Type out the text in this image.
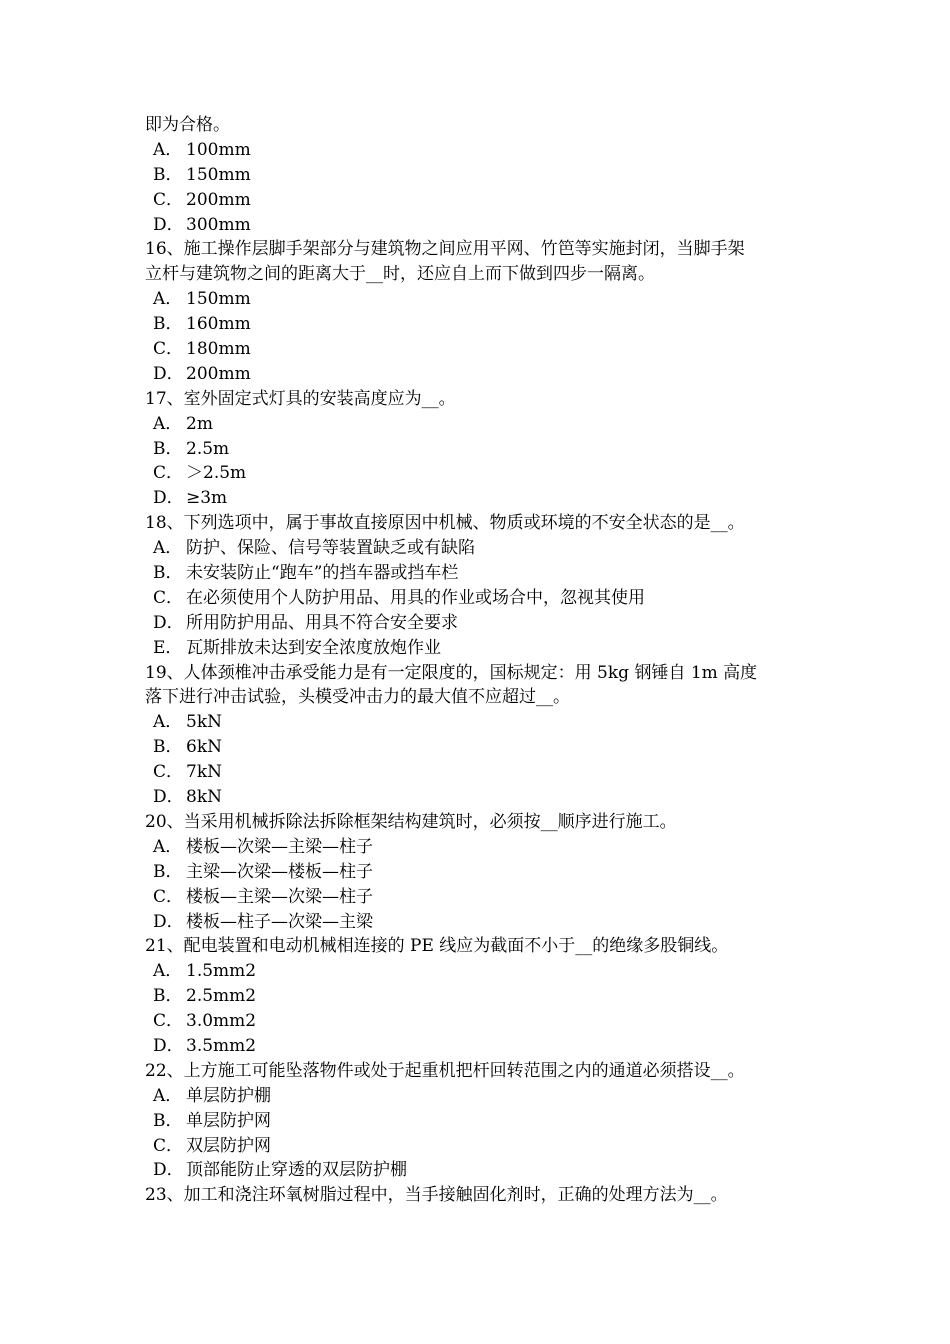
即为合格。
A． 100mm
B． 150mm
C． 200mm
D． 300mm
16、施工操作层脚手架部分与建筑物之间应用平网、竹笆等实施封闭，当脚手架
立杆与建筑物之间的距离大于__时，还应自上而下做到四步一隔离。
A． 150mm
B． 160mm
C． 180mm
D． 200mm
17、室外固定式灯具的安装高度应为__。
A． 2m
B． 2.5m
C． ＞2.5m
D． ≥3m
18、下列选项中，属于事故直接原因中机械、物质或环境的不安全状态的是__。
A． 防护、保险、信号等装置缺乏或有缺陷
B． 未安装防止“跑车”的挡车器或挡车栏
C． 在必须使用个人防护用品、用具的作业或场合中，忽视其使用
D． 所用防护用品、用具不符合安全要求
E． 瓦斯排放未达到安全浓度放炮作业
19、人体颈椎冲击承受能力是有一定限度的，国标规定：用 5kg 钢锤自 1m 高度
落下进行冲击试验，头模受冲击力的最大值不应超过__。
A． 5kN
B． 6kN
C． 7kN
D． 8kN
20、当采用机械拆除法拆除框架结构建筑时，必须按__顺序进行施工。
A． 楼板—次梁—主梁—柱子
B． 主梁—次梁—楼板—柱子
C． 楼板—主梁—次梁—柱子
D． 楼板—柱子—次梁—主梁
21、配电装置和电动机械相连接的 PE 线应为截面不小于__的绝缘多股铜线。
A． 1.5mm2
B． 2.5mm2
C． 3.0mm2
D． 3.5mm2
22、上方施工可能坠落物件或处于起重机把杆回转范围之内的通道必须搭设__。
A． 单层防护棚
B． 单层防护网
C． 双层防护网
D． 顶部能防止穿透的双层防护棚
23、加工和浇注环氧树脂过程中，当手接触固化剂时，正确的处理方法为__。
